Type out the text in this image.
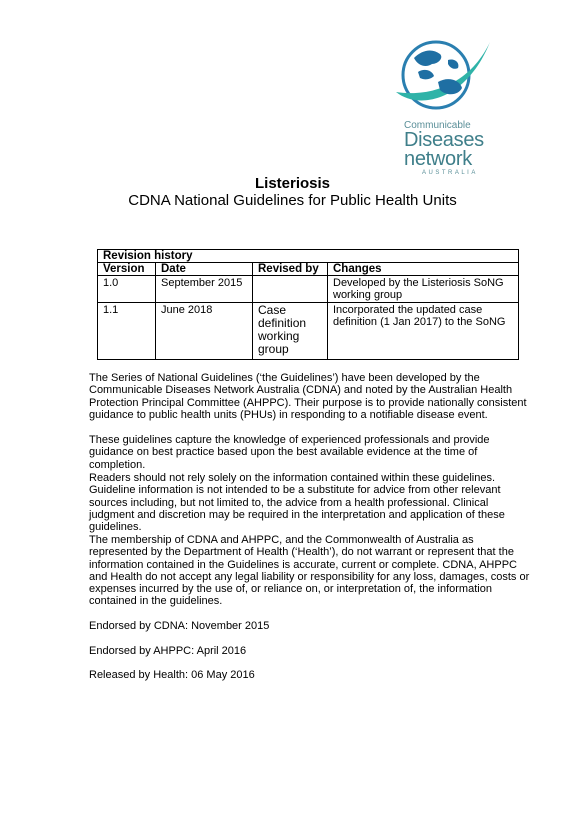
Communicable
Diseases
network
AUSTRALIA
Listeriosis
CDNA National Guidelines for Public Health Units
Revision history			
Version	Date	Revised by	Changes
1.0	September 2015		Developed by the Listeriosis SoNG working group
1.1	June 2018	Case definition working group	Incorporated the updated case definition (1 Jan 2017) to the SoNG

The Series of National Guidelines (‘the Guidelines’) have been developed by the Communicable Diseases Network Australia (CDNA) and noted by the Australian Health Protection Principal Committee (AHPPC). Their purpose is to provide nationally consistent guidance to public health units (PHUs) in responding to a notifiable disease event.

These guidelines capture the knowledge of experienced professionals and provide guidance on best practice based upon the best available evidence at the time of completion.

Readers should not rely solely on the information contained within these guidelines. Guideline information is not intended to be a substitute for advice from other relevant sources including, but not limited to, the advice from a health professional. Clinical judgment and discretion may be required in the interpretation and application of these guidelines.

The membership of CDNA and AHPPC, and the Commonwealth of Australia as represented by the Department of Health (‘Health’), do not warrant or represent that the information contained in the Guidelines is accurate, current or complete. CDNA, AHPPC and Health do not accept any legal liability or responsibility for any loss, damages, costs or expenses incurred by the use of, or reliance on, or interpretation of, the information contained in the guidelines.

Endorsed by CDNA: November 2015
Endorsed by AHPPC: April 2016
Released by Health: 06 May 2016
